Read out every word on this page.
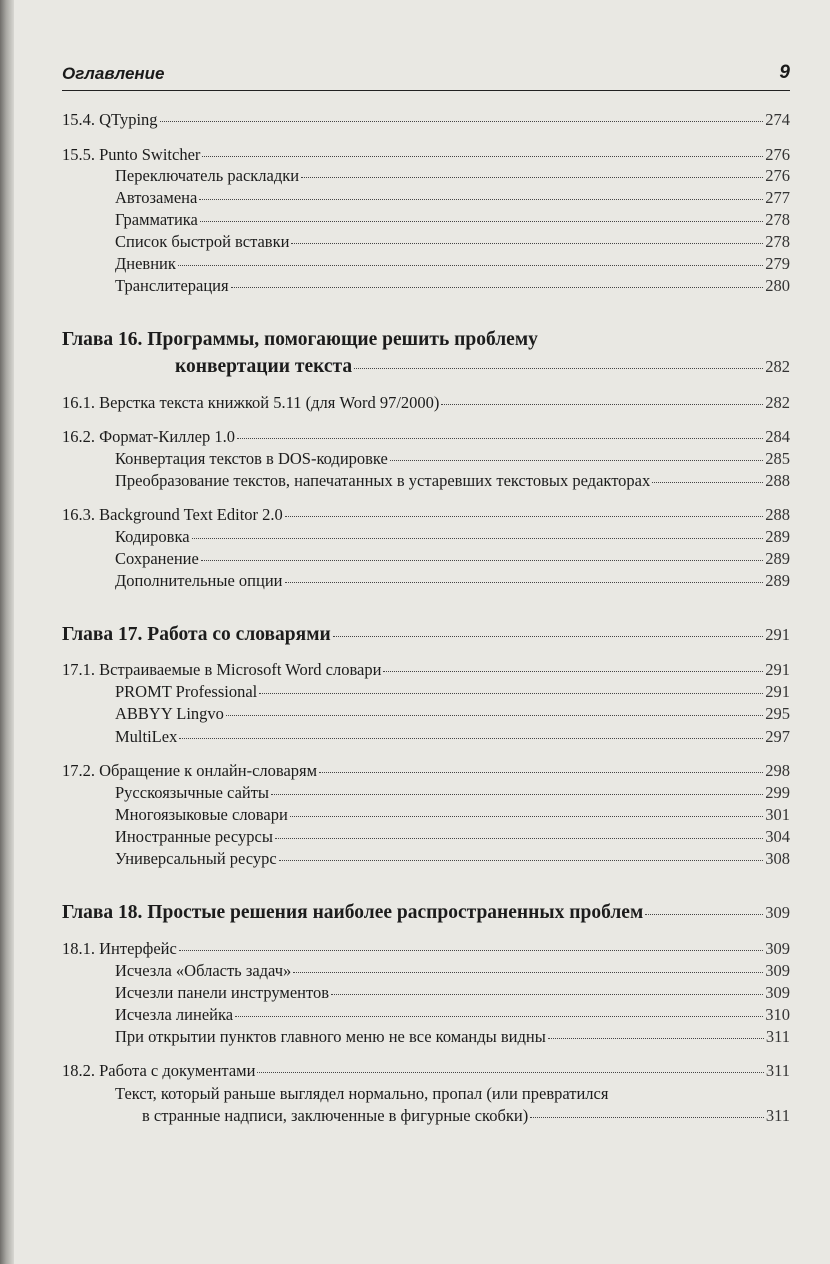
Оглавление	9
15.4. QTyping	274
15.5. Punto Switcher	276
Переключатель раскладки	276
Автозамена	277
Грамматика	278
Список быстрой вставки	278
Дневник	279
Транслитерация	280
Глава 16. Программы, помогающие решить проблему
конвертации текста	282
16.1. Верстка текста книжкой 5.11 (для Word 97/2000)	282
16.2. Формат-Киллер 1.0	284
Конвертация текстов в DOS-кодировке	285
Преобразование текстов, напечатанных в устаревших текстовых редакторах	288
16.3. Background Text Editor 2.0	288
Кодировка	289
Сохранение	289
Дополнительные опции	289
Глава 17. Работа со словарями	291
17.1. Встраиваемые в Microsoft Word словари	291
PROMT Professional	291
ABBYY Lingvo	295
MultiLex	297
17.2. Обращение к онлайн-словарям	298
Русскоязычные сайты	299
Многоязыковые словари	301
Иностранные ресурсы	304
Универсальный ресурс	308
Глава 18. Простые решения наиболее распространенных проблем	309
18.1. Интерфейс	309
Исчезла «Область задач»	309
Исчезли панели инструментов	309
Исчезла линейка	310
При открытии пунктов главного меню не все команды видны	311
18.2. Работа с документами	311
Текст, который раньше выглядел нормально, пропал (или превратился
в странные надписи, заключенные в фигурные скобки)	311
